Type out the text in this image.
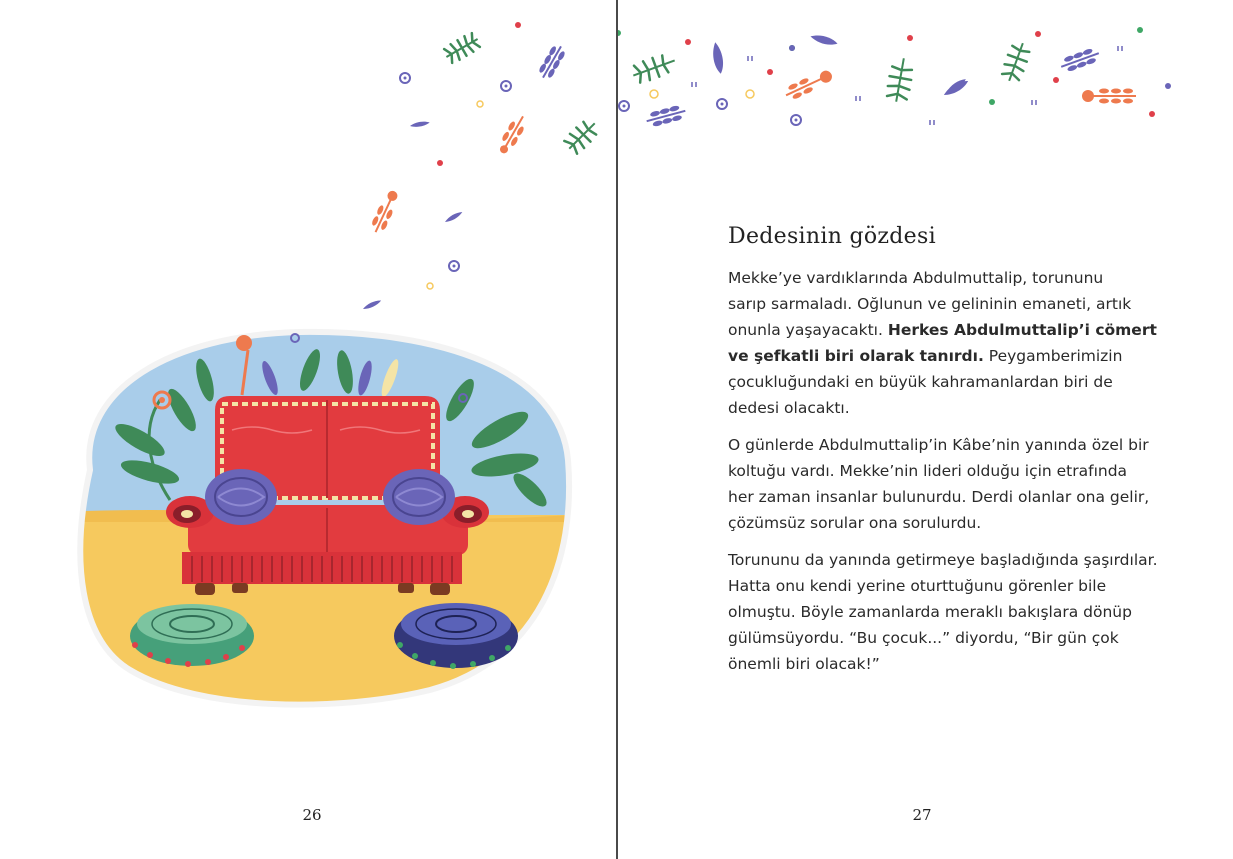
26
Dedesinin gözdesi
Mekke’ye vardıklarında Abdulmuttalip, torununu
sarıp sarmaladı. Oğlunun ve gelininin emaneti, artık
onunla yaşayacaktı. Herkes Abdulmuttalip’i cömert
ve şefkatli biri olarak tanırdı. Peygamberimizin
çocukluğundaki en büyük kahramanlardan biri de
dedesi olacaktı.
O günlerde Abdulmuttalip’in Kâbe’nin yanında özel bir
koltuğu vardı. Mekke’nin lideri olduğu için etrafında
her zaman insanlar bulunurdu. Derdi olanlar ona gelir,
çözümsüz sorular ona sorulurdu.
Torununu da yanında getirmeye başladığında şaşırdılar.
Hatta onu kendi yerine oturttuğunu görenler bile
olmuştu. Böyle zamanlarda meraklı bakışlara dönüp
gülümsüyordu. “Bu çocuk...” diyordu, “Bir gün çok
önemli biri olacak!”
27
